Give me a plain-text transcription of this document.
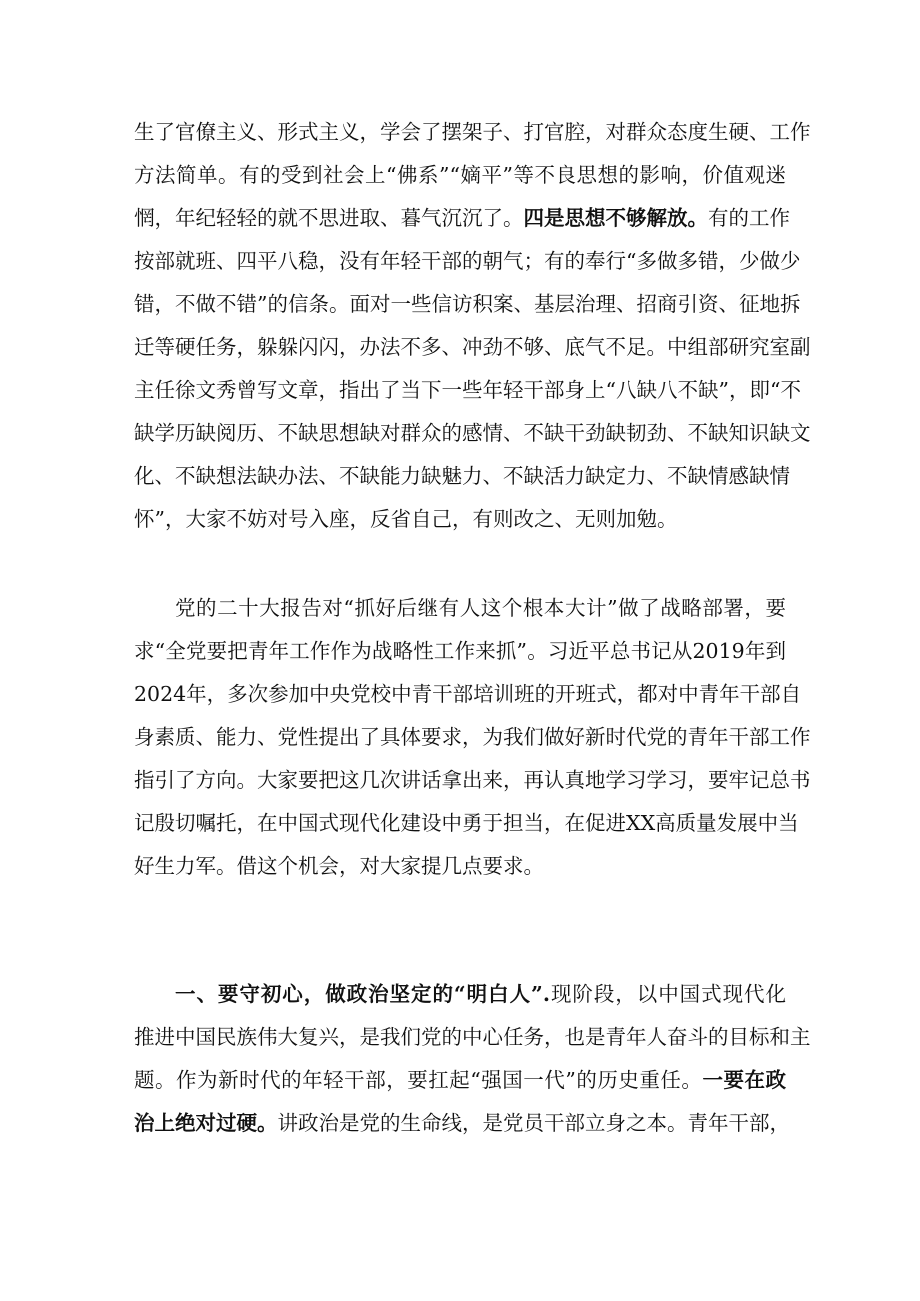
生了官僚主义、形式主义，学会了摆架子、打官腔，对群众态度生硬、工作
方法简单。有的受到社会上“佛系”“嫡平”等不良思想的影响，价值观迷
惘，年纪轻轻的就不思进取、暮气沉沉了。四是思想不够解放。有的工作
按部就班、四平八稳，没有年轻干部的朝气；有的奉行“多做多错，少做少
错，不做不错”的信条。面对一些信访积案、基层治理、招商引资、征地拆
迁等硬任务，躲躲闪闪，办法不多、冲劲不够、底气不足。中组部研究室副
主任徐文秀曾写文章，指出了当下一些年轻干部身上“八缺八不缺”，即“不
缺学历缺阅历、不缺思想缺对群众的感情、不缺干劲缺韧劲、不缺知识缺文
化、不缺想法缺办法、不缺能力缺魅力、不缺活力缺定力、不缺情感缺情
怀”，大家不妨对号入座，反省自己，有则改之、无则加勉。
党的二十大报告对“抓好后继有人这个根本大计”做了战略部署，要
求“全党要把青年工作作为战略性工作来抓”。习近平总书记从2019年到
2024年，多次参加中央党校中青干部培训班的开班式，都对中青年干部自
身素质、能力、党性提出了具体要求，为我们做好新时代党的青年干部工作
指引了方向。大家要把这几次讲话拿出来，再认真地学习学习，要牢记总书
记殷切嘱托，在中国式现代化建设中勇于担当，在促进XX高质量发展中当
好生力军。借这个机会，对大家提几点要求。
一、要守初心，做政治坚定的“明白人”.现阶段，以中国式现代化
推进中国民族伟大复兴，是我们党的中心任务，也是青年人奋斗的目标和主
题。作为新时代的年轻干部，要扛起“强国一代”的历史重任。一要在政
治上绝对过硬。讲政治是党的生命线，是党员干部立身之本。青年干部，
